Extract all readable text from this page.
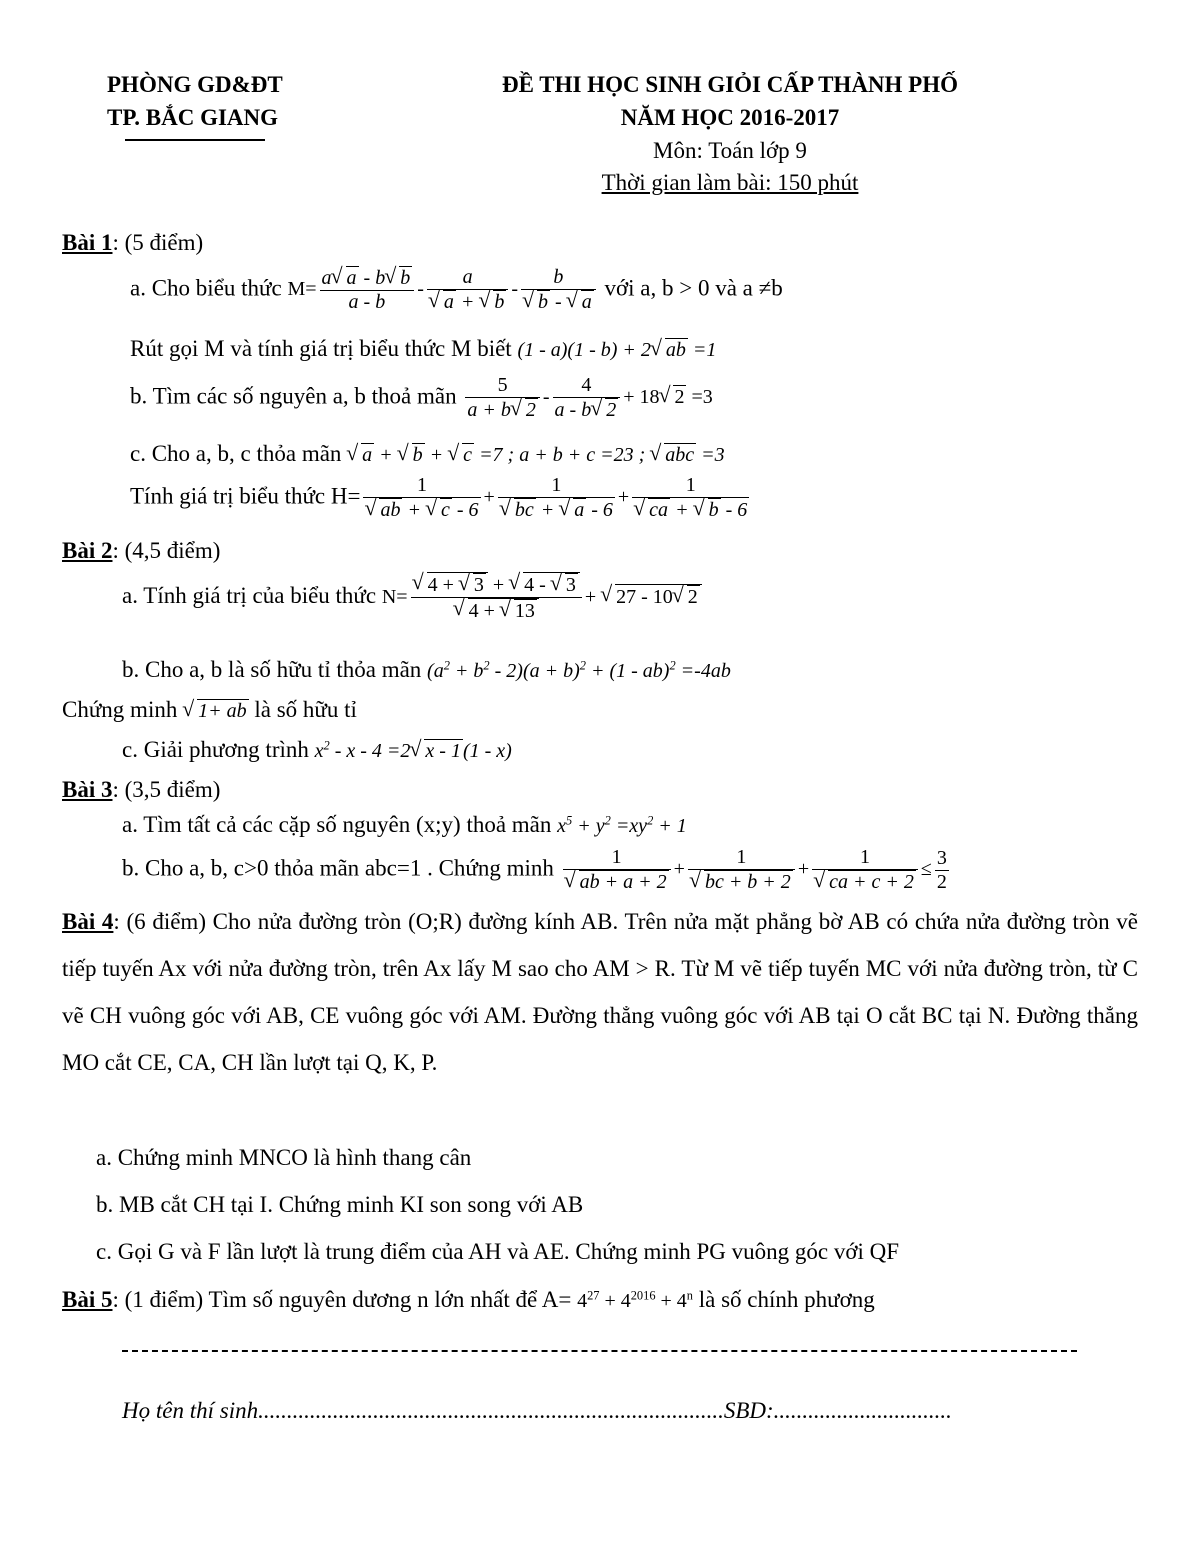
PHÒNG GD&ĐT
TP. BẮC GIANG
ĐỀ THI HỌC SINH GIỎI CẤP THÀNH PHỐ
NĂM HỌC 2016-2017
Môn: Toán lớp 9
Thời gian làm bài: 150 phút
Bài 1: (5 điểm)
a. Cho biểu thức $M= \frac{a√ a - b√ b}{a - b} - a$
√ a + √ b - b
√ b - √ a với a, b > 0 và a ≠b
Rút gọi M và tính giá trị biểu thức M biết (1 - a)(1 - b) + 2√ ab =1
b. Tìm các số nguyên a, b thoả mãn $\frac{5}{a + b√ 2} - \frac{4}{a - b√ 2} + 18√$ 2 =3
c. Cho a, b, c thỏa mãn √ a + √ b + √ c =7 ; a + b + c =23 ; √ abc =3
Tính giá trị biểu thức H= 1
√ ab + √ c - 6 + 1
√ bc + √ a - 6 + 1
√ ca + √ b - 6
Bài 2: (4,5 điểm)
a. Tính giá trị của biểu thức N=
√ 4 + √ 3 + √ 4 - √ 3
√ 4 + √ 13 + √ 27 - 10√ 2
b. Cho a, b là số hữu tỉ thỏa mãn $(a^2 + b^2 - 2)(a + b)^2 + (1 - ab)^2 =-4ab$
Chứng minh √ 1+ ab là số hữu tỉ
c. Giải phương trình $x^2 - x - 4 =2√$ x - 1 (1 - x)
Bài 3: (3,5 điểm)
a. Tìm tất cả các cặp số nguyên (x;y) thoả mãn $x^5 + y^2 =xy^2 + 1$
b. Cho a, b, c>0 thỏa mãn abc=1 . Chứng minh 1
√ ab + a + 2 + 1
√ bc + b + 2 + 1
√ ca + $c + 2 \le \frac{3}{2}$
Bài 4: (6 điểm) Cho nửa đường tròn (O;R) đường kính AB. Trên nửa mặt phẳng bờ AB có chứa nửa đường tròn vẽ tiếp tuyến Ax với nửa đường tròn, trên Ax lấy M sao cho AM > R. Từ M vẽ tiếp tuyến MC với nửa đường tròn, từ C vẽ CH vuông góc với AB, CE vuông góc với AM. Đường thẳng vuông góc với AB tại O cắt BC tại N. Đường thẳng MO cắt CE, CA, CH lần lượt tại Q, K, P.
a. Chứng minh MNCO là hình thang cân
b. MB cắt CH tại I. Chứng minh KI son song với AB
c. Gọi G và F lần lượt là trung điểm của AH và AE. Chứng minh PG vuông góc với QF
Bài 5: (1 điểm) Tìm số nguyên dương n lớn nhất để $A= 4^{27} + 4^{2016} + 4^n$ là số chính phương
Họ tên thí sinh.................................................................................SBD:...............................
